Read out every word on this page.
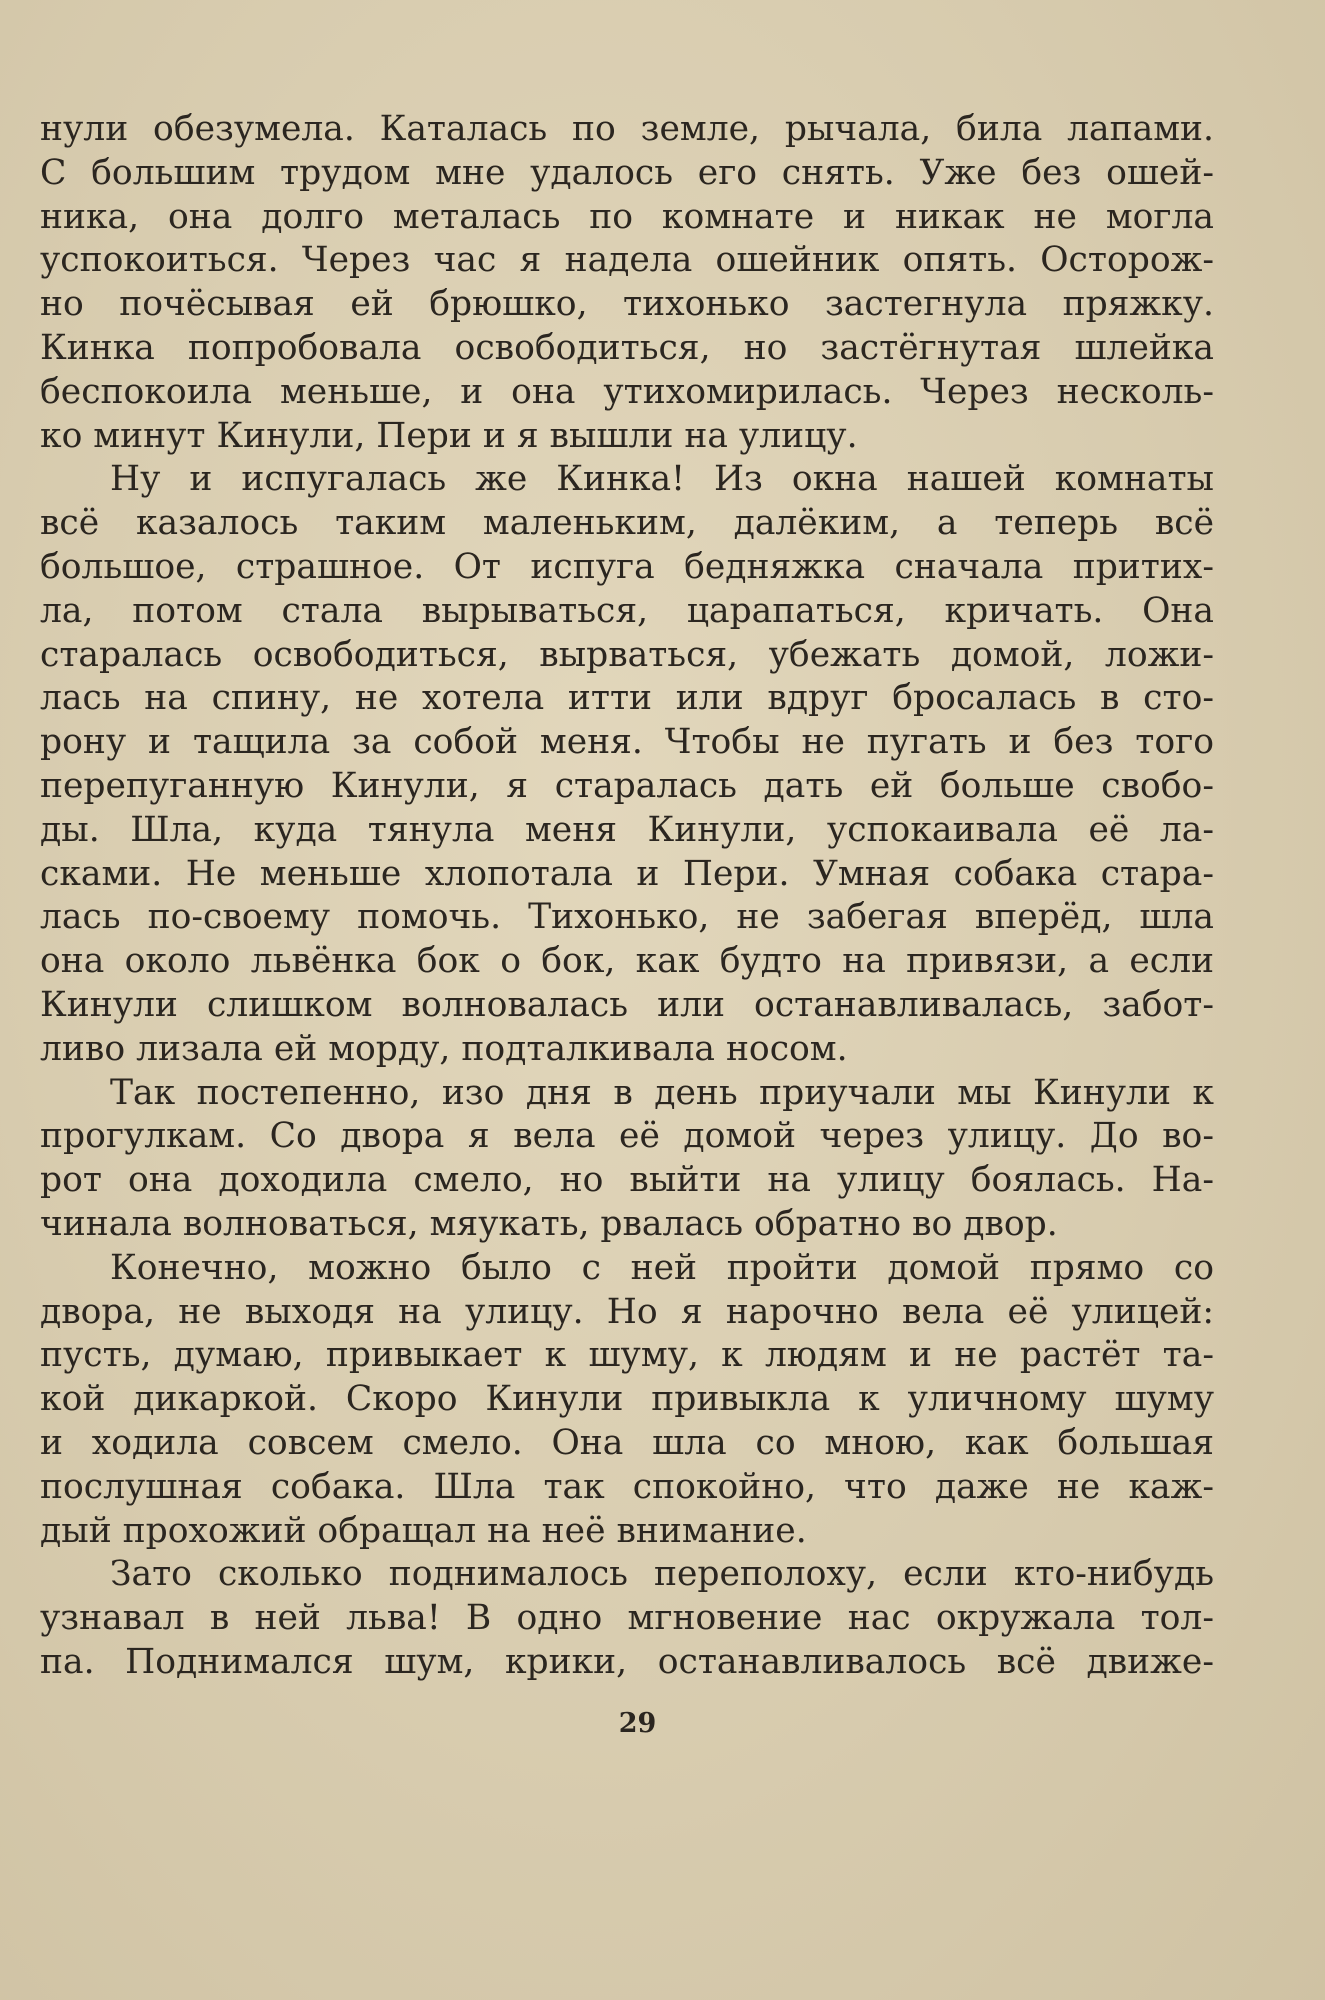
нули обезумела. Каталась по земле, рычала, била лапами.
С большим трудом мне удалось его снять. Уже без ошей-
ника, она долго металась по комнате и никак не могла
успокоиться. Через час я надела ошейник опять. Осторож-
но почёсывая ей брюшко, тихонько застегнула пряжку.
Кинка попробовала освободиться, но застёгнутая шлейка
беспокоила меньше, и она утихомирилась. Через несколь-
ко минут Кинули, Пери и я вышли на улицу.
Ну и испугалась же Кинка! Из окна нашей комнаты
всё казалось таким маленьким, далёким, а теперь всё
большое, страшное. От испуга бедняжка сначала притих-
ла, потом стала вырываться, царапаться, кричать. Она
старалась освободиться, вырваться, убежать домой, ложи-
лась на спину, не хотела итти или вдруг бросалась в сто-
рону и тащила за собой меня. Чтобы не пугать и без того
перепуганную Кинули, я старалась дать ей больше свобо-
ды. Шла, куда тянула меня Кинули, успокаивала её ла-
сками. Не меньше хлопотала и Пери. Умная собака стара-
лась по-своему помочь. Тихонько, не забегая вперёд, шла
она около львёнка бок о бок, как будто на привязи, а если
Кинули слишком волновалась или останавливалась, забот-
ливо лизала ей морду, подталкивала носом.
Так постепенно, изо дня в день приучали мы Кинули к
прогулкам. Со двора я вела её домой через улицу. До во-
рот она доходила смело, но выйти на улицу боялась. На-
чинала волноваться, мяукать, рвалась обратно во двор.
Конечно, можно было с ней пройти домой прямо со
двора, не выходя на улицу. Но я нарочно вела её улицей:
пусть, думаю, привыкает к шуму, к людям и не растёт та-
кой дикаркой. Скоро Кинули привыкла к уличному шуму
и ходила совсем смело. Она шла со мною, как большая
послушная собака. Шла так спокойно, что даже не каж-
дый прохожий обращал на неё внимание.
Зато сколько поднималось переполоху, если кто-нибудь
узнавал в ней льва! В одно мгновение нас окружала тол-
па. Поднимался шум, крики, останавливалось всё движе-
29
